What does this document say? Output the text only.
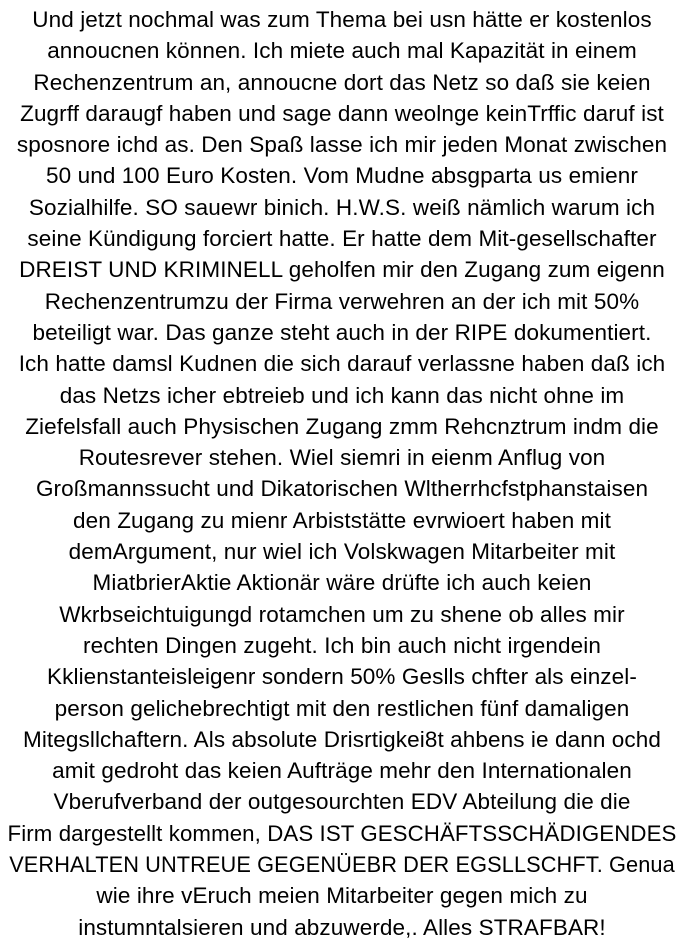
Und jetzt nochmal was zum Thema bei usn hätte er kostenlos
annoucnen können. Ich miete auch mal Kapazität in einem
Rechenzentrum an, annoucne dort das Netz so daß sie keien
Zugrff daraugf haben und sage dann weolnge keinTrffic daruf ist
sposnore ichd as. Den Spaß lasse ich mir jeden Monat zwischen
50 und 100 Euro Kosten. Vom Mudne absgparta us emienr
Sozialhilfe. SO sauewr binich. H.W.S. weiß nämlich warum ich
seine Kündigung forciert hatte. Er hatte dem Mit-gesellschafter
DREIST UND KRIMINELL geholfen mir den Zugang zum eigenn
Rechenzentrumzu der Firma verwehren an der ich mit 50%
beteiligt war. Das ganze steht auch in der RIPE dokumentiert.
Ich hatte damsl Kudnen die sich darauf verlassne haben daß ich
das Netzs icher ebtreieb und ich kann das nicht ohne im
Ziefelsfall auch Physischen Zugang zmm Rehcnztrum indm die
Routesrever stehen. Wiel siemri in eienm Anflug von
Großmannssucht und Dikatorischen Wltherrhcfstphanstaisen
den Zugang zu mienr Arbiststätte evrwioert haben mit
demArgument, nur wiel ich Volskwagen Mitarbeiter mit
MiatbrierAktie Aktionär wäre drüfte ich auch keien
Wkrbseichtuigungd rotamchen um zu shene ob alles mir
rechten Dingen zugeht. Ich bin auch nicht irgendein
Kklienstanteisleigenr sondern 50% Geslls chfter als einzel-
person gelichebrechtigt mit den restlichen fünf damaligen
Mitegsllchaftern. Als absolute Drisrtigkei8t ahbens ie dann ochd
amit gedroht das keien Aufträge mehr den Internationalen
Vberufverband der outgesourchten EDV Abteilung die die
Firm dargestellt kommen, DAS IST GESCHÄFTSSCHÄDIGENDES
VERHALTEN UNTREUE GEGENÜEBR DER EGSLLSCHFT. Genua
wie ihre vEruch meien Mitarbeiter gegen mich zu
instumntalsieren und abzuwerde,. Alles STRAFBAR!
